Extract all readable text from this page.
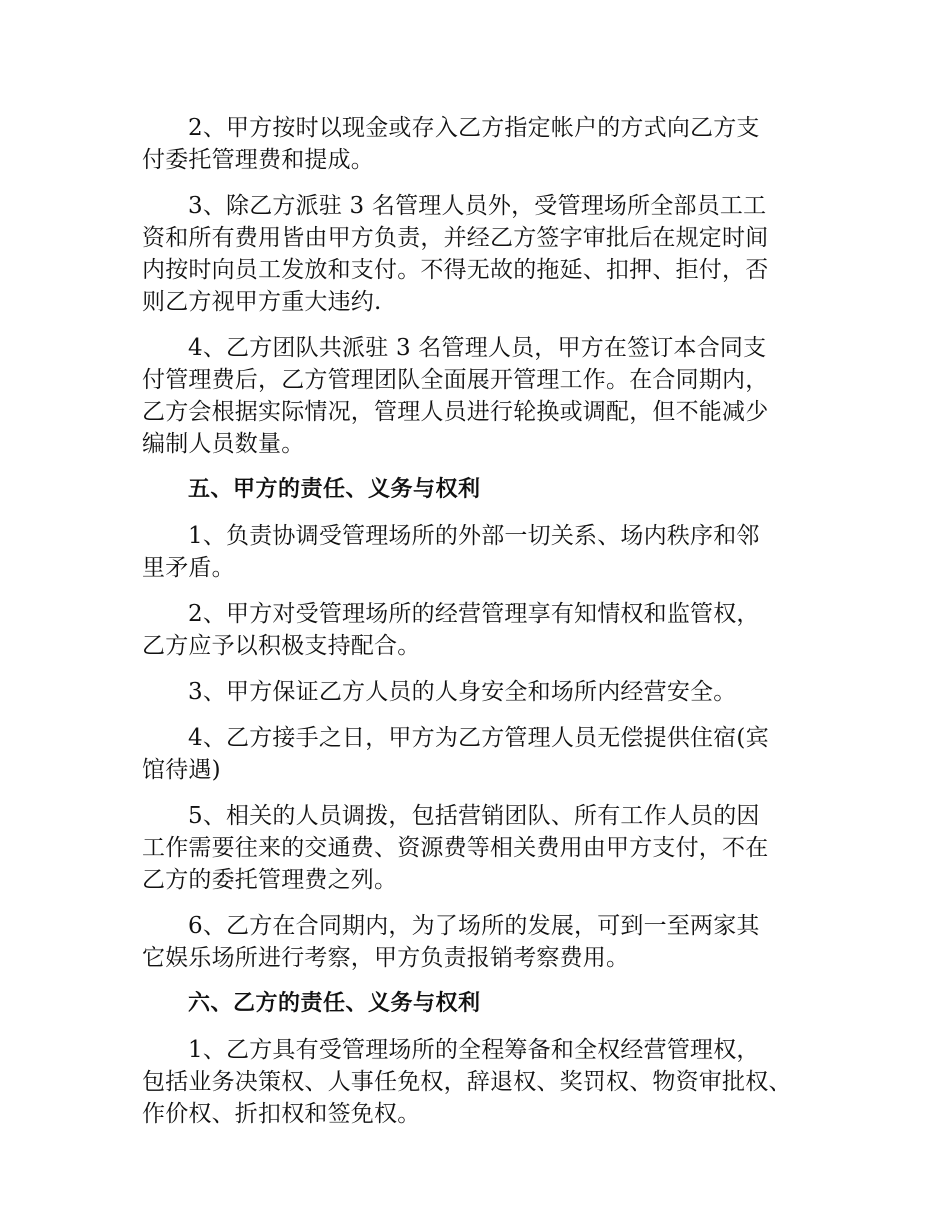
2、甲方按时以现金或存入乙方指定帐户的方式向乙方支
付委托管理费和提成。

3、除乙方派驻 3 名管理人员外，受管理场所全部员工工
资和所有费用皆由甲方负责，并经乙方签字审批后在规定时间
内按时向员工发放和支付。不得无故的拖延、扣押、拒付，否
则乙方视甲方重大违约.

4、乙方团队共派驻 3 名管理人员，甲方在签订本合同支
付管理费后，乙方管理团队全面展开管理工作。在合同期内，
乙方会根据实际情况，管理人员进行轮换或调配，但不能减少
编制人员数量。

五、甲方的责任、义务与权利

1、负责协调受管理场所的外部一切关系、场内秩序和邻
里矛盾。

2、甲方对受管理场所的经营管理享有知情权和监管权，
乙方应予以积极支持配合。

3、甲方保证乙方人员的人身安全和场所内经营安全。

4、乙方接手之日，甲方为乙方管理人员无偿提供住宿(宾
馆待遇)

5、相关的人员调拨，包括营销团队、所有工作人员的因
工作需要往来的交通费、资源费等相关费用由甲方支付，不在
乙方的委托管理费之列。

6、乙方在合同期内，为了场所的发展，可到一至两家其
它娱乐场所进行考察，甲方负责报销考察费用。

六、乙方的责任、义务与权利

1、乙方具有受管理场所的全程筹备和全权经营管理权，
包括业务决策权、人事任免权，辞退权、奖罚权、物资审批权、
作价权、折扣权和签免权。
